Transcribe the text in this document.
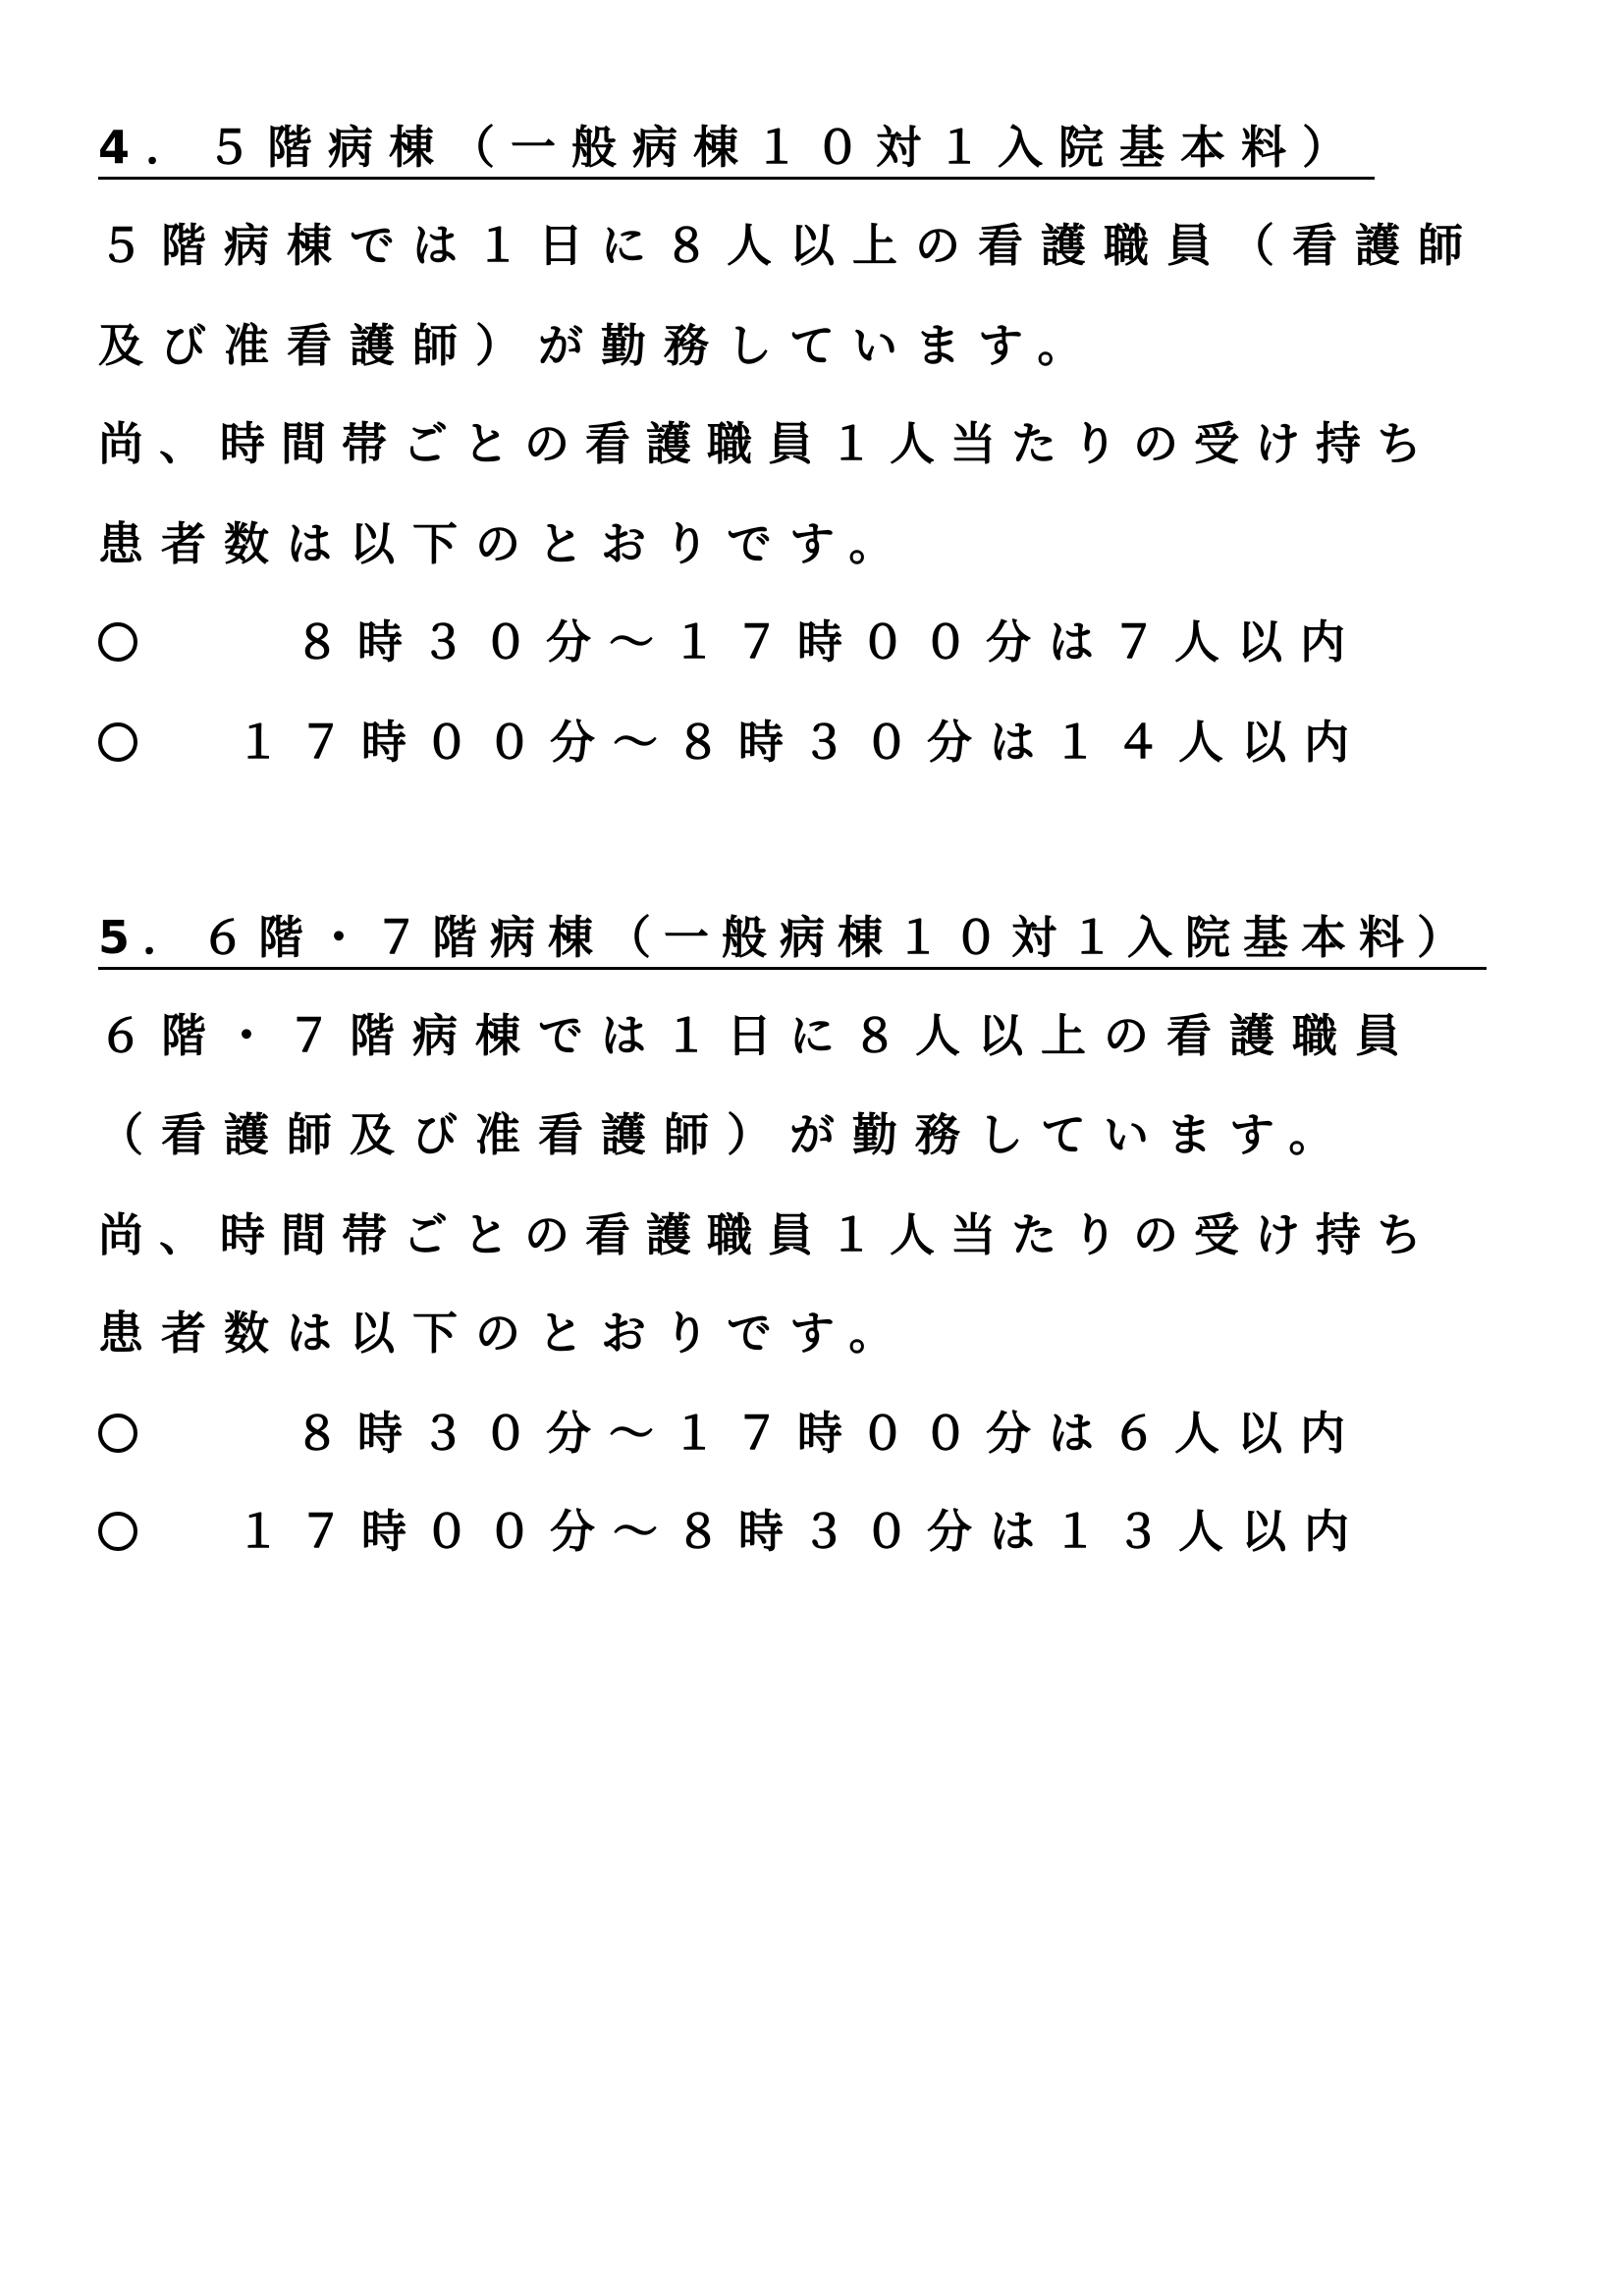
4．５階病棟（一般病棟１０対１入院基本料）
５階病棟では１日に８人以上の看護職員（看護師
及び准看護師）が勤務しています。
尚、時間帯ごとの看護職員１人当たりの受け持ち
患者数は以下のとおりです。
８時３０分～１７時００分は７人以内
１７時００分～８時３０分は１４人以内
5．６階・７階病棟（一般病棟１０対１入院基本料）
６階・７階病棟では１日に８人以上の看護職員
（看護師及び准看護師）が勤務しています。
尚、時間帯ごとの看護職員１人当たりの受け持ち
患者数は以下のとおりです。
８時３０分～１７時００分は６人以内
１７時００分～８時３０分は１３人以内
